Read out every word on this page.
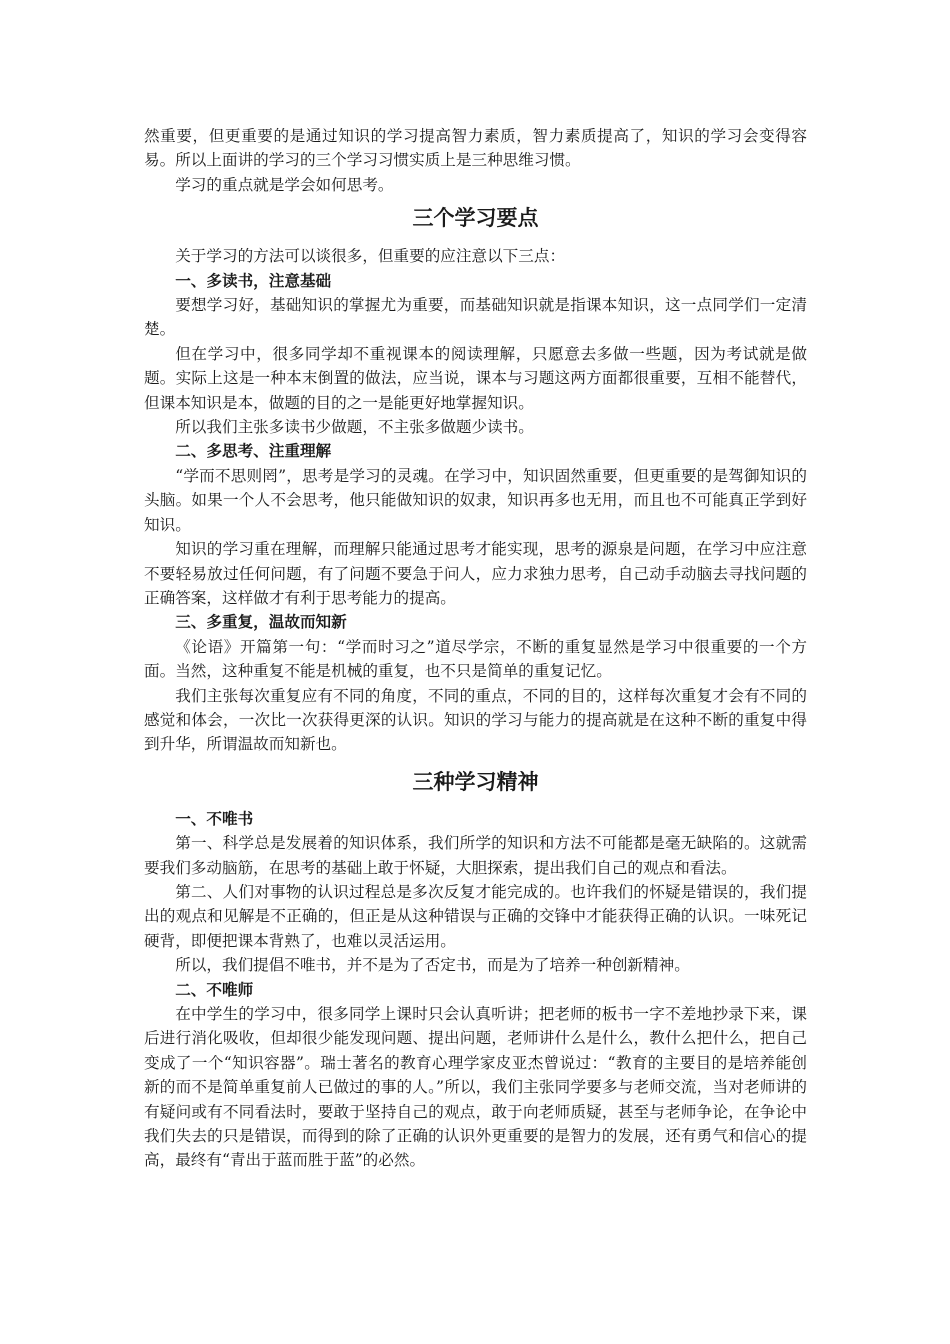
然重要，但更重要的是通过知识的学习提高智力素质，智力素质提高了，知识的学习会变得容易。所以上面讲的学习的三个学习习惯实质上是三种思维习惯。

学习的重点就是学会如何思考。

三个学习要点

关于学习的方法可以谈很多，但重要的应注意以下三点：

一、多读书，注意基础

要想学习好，基础知识的掌握尤为重要，而基础知识就是指课本知识，这一点同学们一定清楚。

但在学习中，很多同学却不重视课本的阅读理解，只愿意去多做一些题，因为考试就是做题。实际上这是一种本末倒置的做法，应当说，课本与习题这两方面都很重要，互相不能替代，但课本知识是本，做题的目的之一是能更好地掌握知识。

所以我们主张多读书少做题，不主张多做题少读书。

二、多思考、注重理解

“学而不思则罔”，思考是学习的灵魂。在学习中，知识固然重要，但更重要的是驾御知识的头脑。如果一个人不会思考，他只能做知识的奴隶，知识再多也无用，而且也不可能真正学到好知识。

知识的学习重在理解，而理解只能通过思考才能实现，思考的源泉是问题，在学习中应注意不要轻易放过任何问题，有了问题不要急于问人，应力求独力思考，自己动手动脑去寻找问题的正确答案，这样做才有利于思考能力的提高。

三、多重复，温故而知新

《论语》开篇第一句：“学而时习之”道尽学宗，不断的重复显然是学习中很重要的一个方面。当然，这种重复不能是机械的重复，也不只是简单的重复记忆。

我们主张每次重复应有不同的角度，不同的重点，不同的目的，这样每次重复才会有不同的感觉和体会，一次比一次获得更深的认识。知识的学习与能力的提高就是在这种不断的重复中得到升华，所谓温故而知新也。

三种学习精神

一、不唯书

第一、科学总是发展着的知识体系，我们所学的知识和方法不可能都是毫无缺陷的。这就需要我们多动脑筋，在思考的基础上敢于怀疑，大胆探索，提出我们自己的观点和看法。

第二、人们对事物的认识过程总是多次反复才能完成的。也许我们的怀疑是错误的，我们提出的观点和见解是不正确的，但正是从这种错误与正确的交锋中才能获得正确的认识。一味死记硬背，即便把课本背熟了，也难以灵活运用。

所以，我们提倡不唯书，并不是为了否定书，而是为了培养一种创新精神。

二、不唯师

在中学生的学习中，很多同学上课时只会认真听讲；把老师的板书一字不差地抄录下来，课后进行消化吸收，但却很少能发现问题、提出问题，老师讲什么是什么，教什么把什么，把自己变成了一个“知识容器”。瑞士著名的教育心理学家皮亚杰曾说过：“教育的主要目的是培养能创新的而不是简单重复前人已做过的事的人。”所以，我们主张同学要多与老师交流，当对老师讲的有疑问或有不同看法时，要敢于坚持自己的观点，敢于向老师质疑，甚至与老师争论，在争论中我们失去的只是错误，而得到的除了正确的认识外更重要的是智力的发展，还有勇气和信心的提高，最终有“青出于蓝而胜于蓝”的必然。
